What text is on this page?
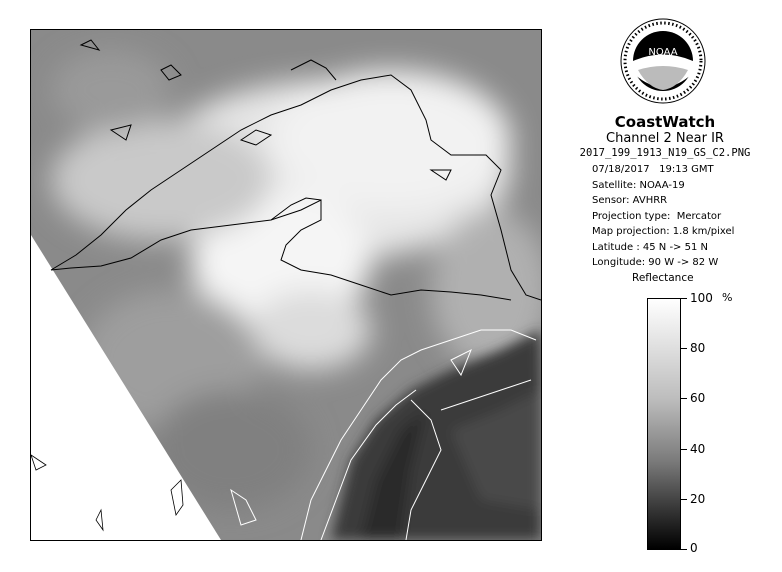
NOAA
CoastWatch
Channel 2 Near IR
2017_199_1913_N19_GS_C2.PNG
07/18/2017   19:13 GMT
Satellite: NOAA-19
Sensor: AVHRR
Projection type:  Mercator
Map projection: 1.8 km/pixel
Latitude : 45 N -> 51 N
Longitude: 90 W -> 82 W
Reflectance
%
100
80
60
40
20
0
